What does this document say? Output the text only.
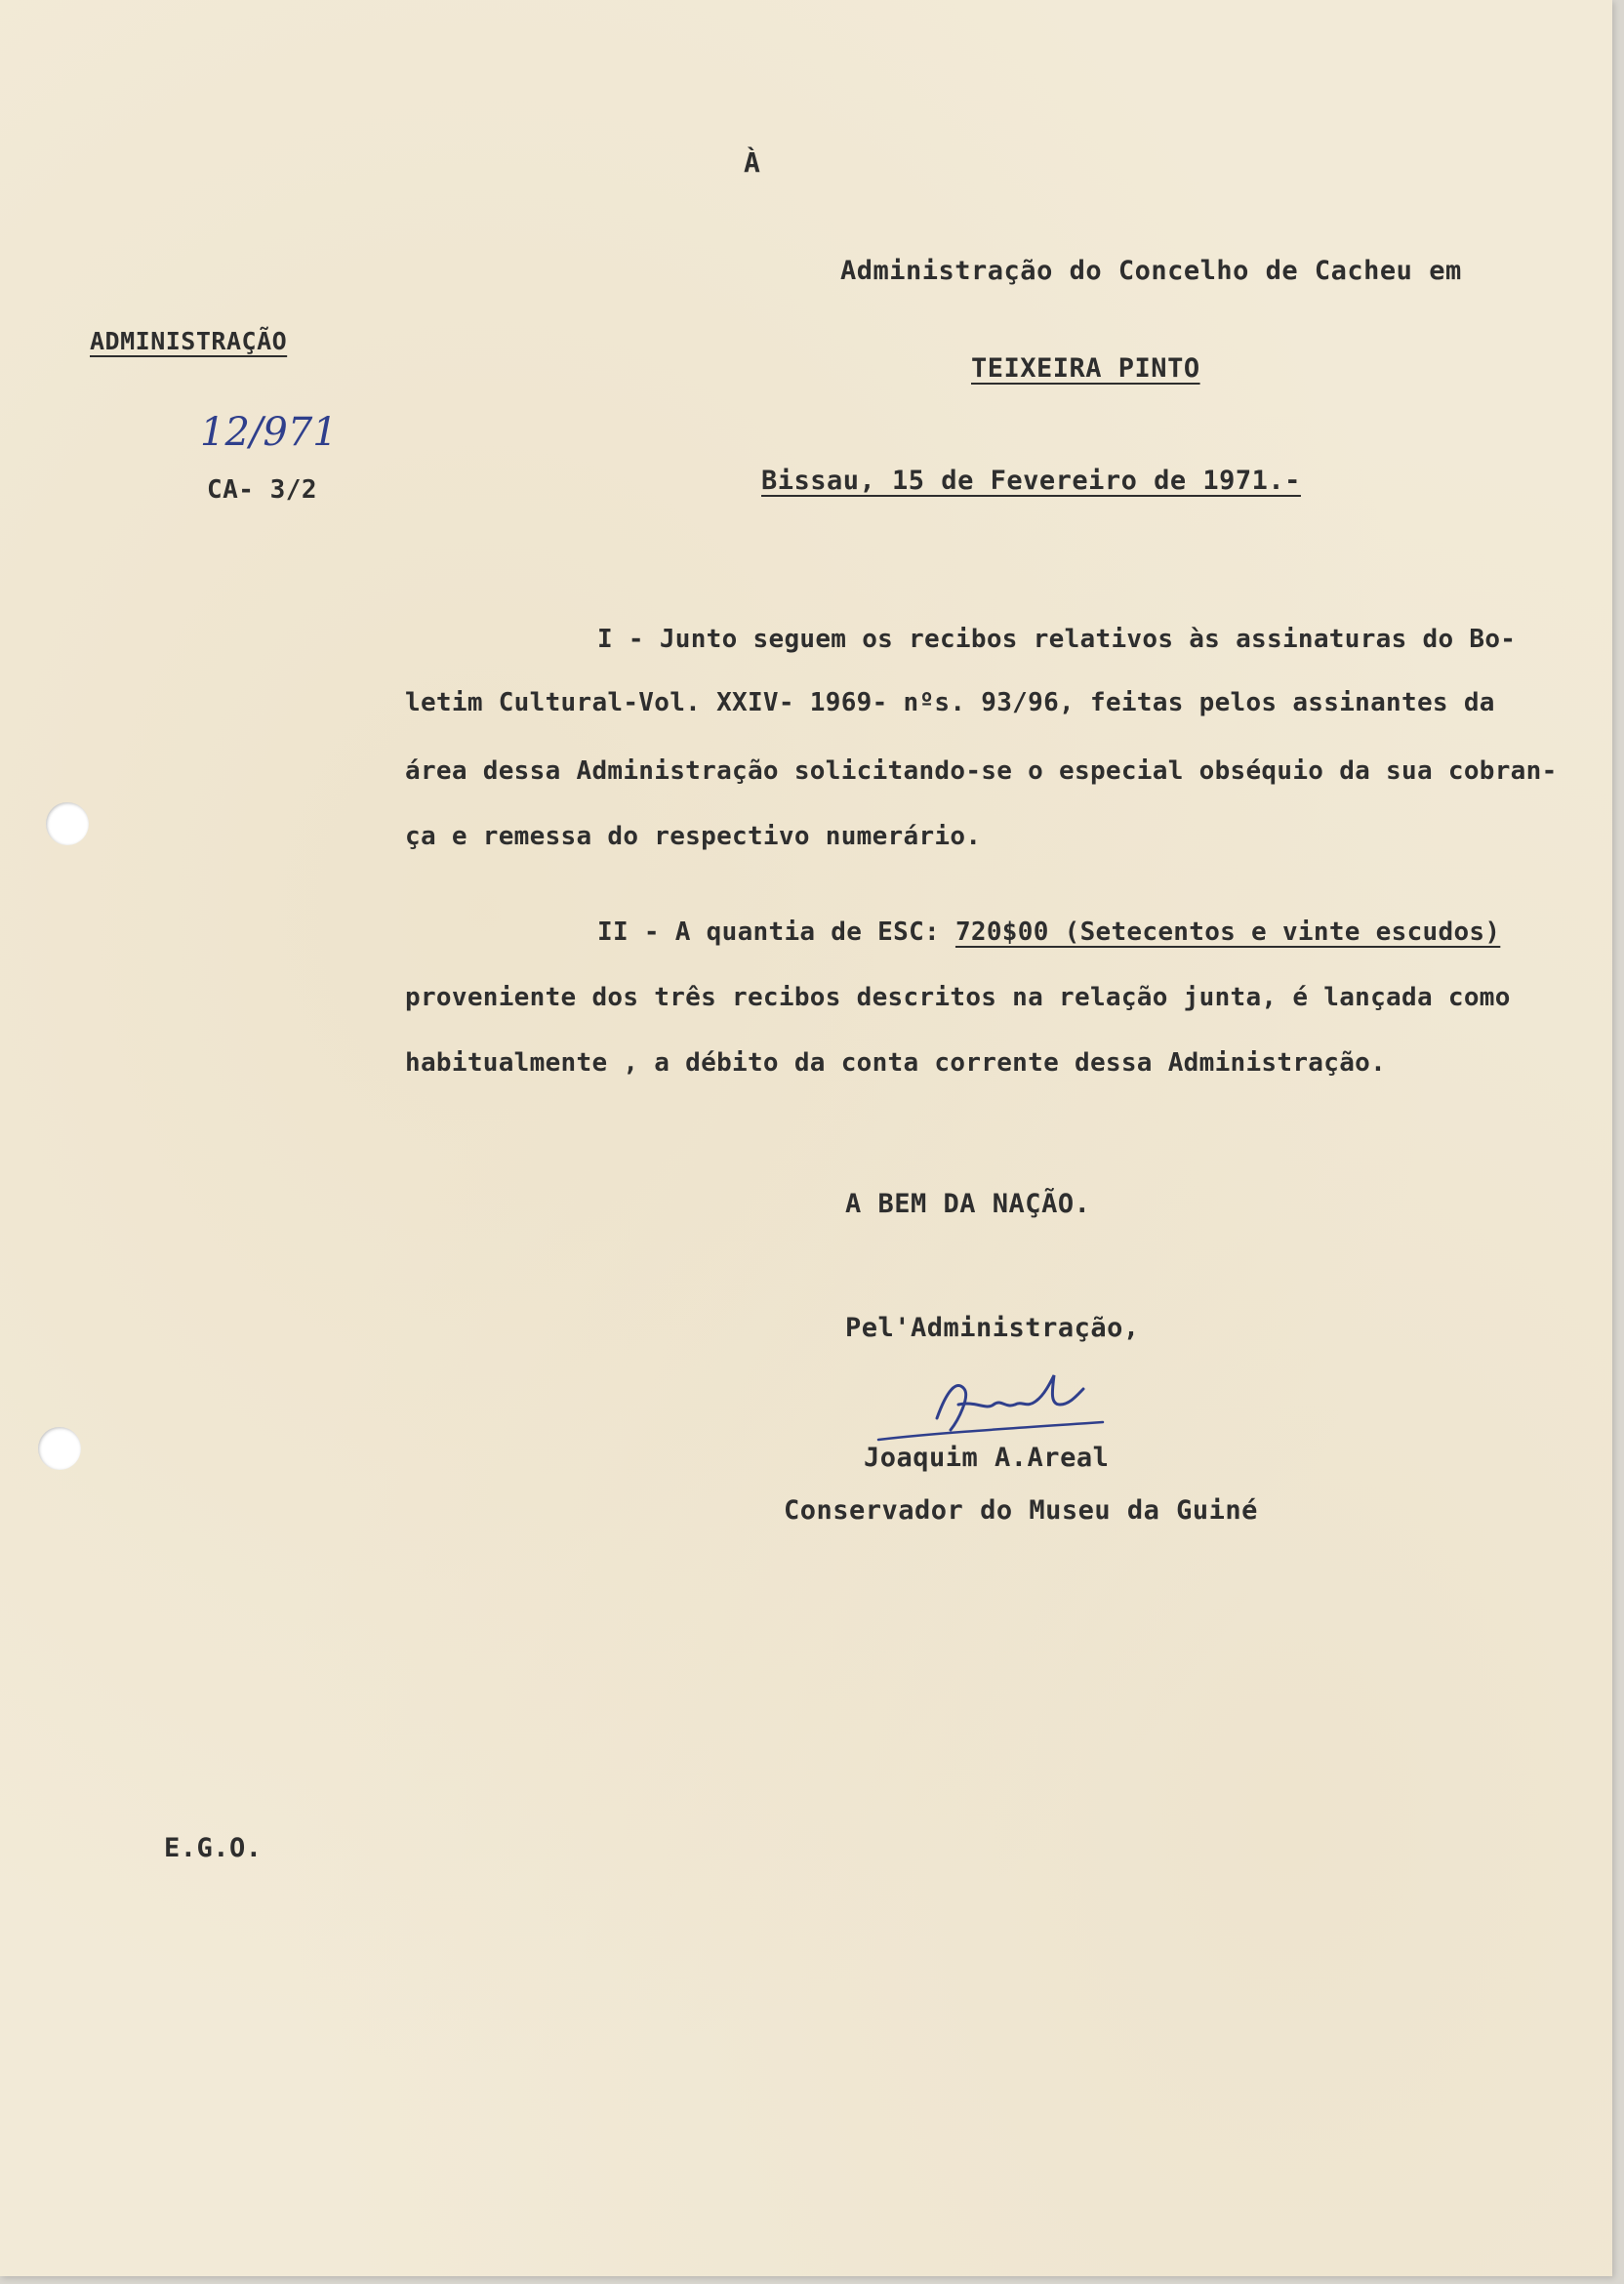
À
Administração do Concelho de Cacheu em
TEIXEIRA PINTO
ADMINISTRAÇÃO
12/971
CA- 3/2	Bissau, 15 de Fevereiro de 1971.-
I - Junto seguem os recibos relativos às assinaturas do Bo-
letim Cultural-Vol. XXIV- 1969- nºs. 93/96, feitas pelos assinantes da
área dessa Administração solicitando-se o especial obséquio da sua cobran-
ça e remessa do respectivo numerário.
II - A quantia de ESC: 720$00 (Setecentos e vinte escudos)
proveniente dos três recibos descritos na relação junta, é lançada como
habitualmente , a débito da conta corrente dessa Administração.
A BEM DA NAÇÃO.
Pel'Administração,
Joaquim A.Areal
Conservador do Museu da Guiné
E.G.O.
